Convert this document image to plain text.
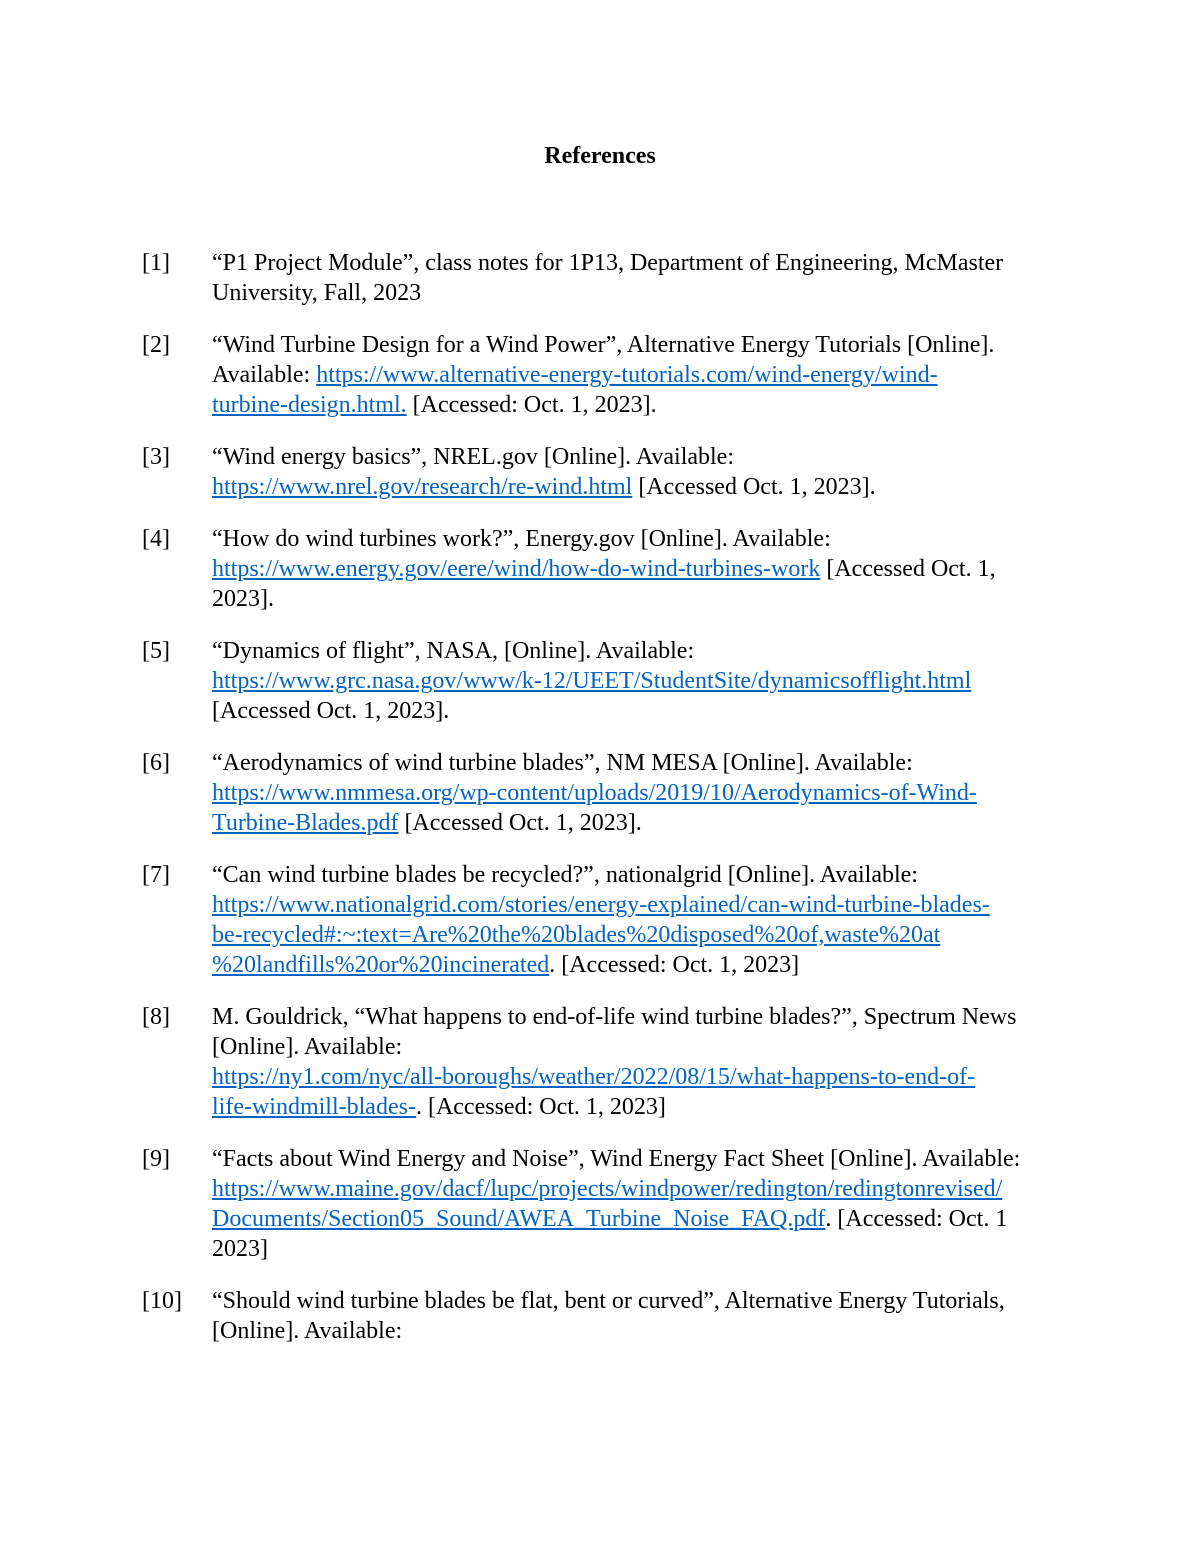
References
[1]	“P1 Project Module”, class notes for 1P13, Department of Engineering, McMaster University, Fall, 2023
[2]	“Wind Turbine Design for a Wind Power”, Alternative Energy Tutorials [Online]. Available: https://www.alternative-energy-tutorials.com/wind-energy/wind-
turbine-design.html. [Accessed: Oct. 1, 2023].
[3]	“Wind energy basics”, NREL.gov [Online]. Available:
https://www.nrel.gov/research/re-wind.html [Accessed Oct. 1, 2023].
[4]	“How do wind turbines work?”, Energy.gov [Online]. Available:
https://www.energy.gov/eere/wind/how-do-wind-turbines-work [Accessed Oct. 1, 2023].
[5]	“Dynamics of flight”, NASA, [Online]. Available:
https://www.grc.nasa.gov/www/k-12/UEET/StudentSite/dynamicsofflight.html
[Accessed Oct. 1, 2023].
[6]	“Aerodynamics of wind turbine blades”, NM MESA [Online]. Available:
https://www.nmmesa.org/wp-content/uploads/2019/10/Aerodynamics-of-Wind-
Turbine-Blades.pdf [Accessed Oct. 1, 2023].
[7]	“Can wind turbine blades be recycled?”, nationalgrid [Online]. Available:
https://www.nationalgrid.com/stories/energy-explained/can-wind-turbine-blades-
be-recycled#:~:text=Are%20the%20blades%20disposed%20of,waste%20at
%20landfills%20or%20incinerated. [Accessed: Oct. 1, 2023]
[8]	M. Gouldrick, “What happens to end-of-life wind turbine blades?”, Spectrum News [Online]. Available:
https://ny1.com/nyc/all-boroughs/weather/2022/08/15/what-happens-to-end-of-
life-windmill-blades-. [Accessed: Oct. 1, 2023]
[9]	“Facts about Wind Energy and Noise”, Wind Energy Fact Sheet [Online]. Available:
https://www.maine.gov/dacf/lupc/projects/windpower/redington/redingtonrevised/
Documents/Section05_Sound/AWEA_Turbine_Noise_FAQ.pdf. [Accessed: Oct. 1 2023]
[10]	“Should wind turbine blades be flat, bent or curved”, Alternative Energy Tutorials, [Online]. Available:
